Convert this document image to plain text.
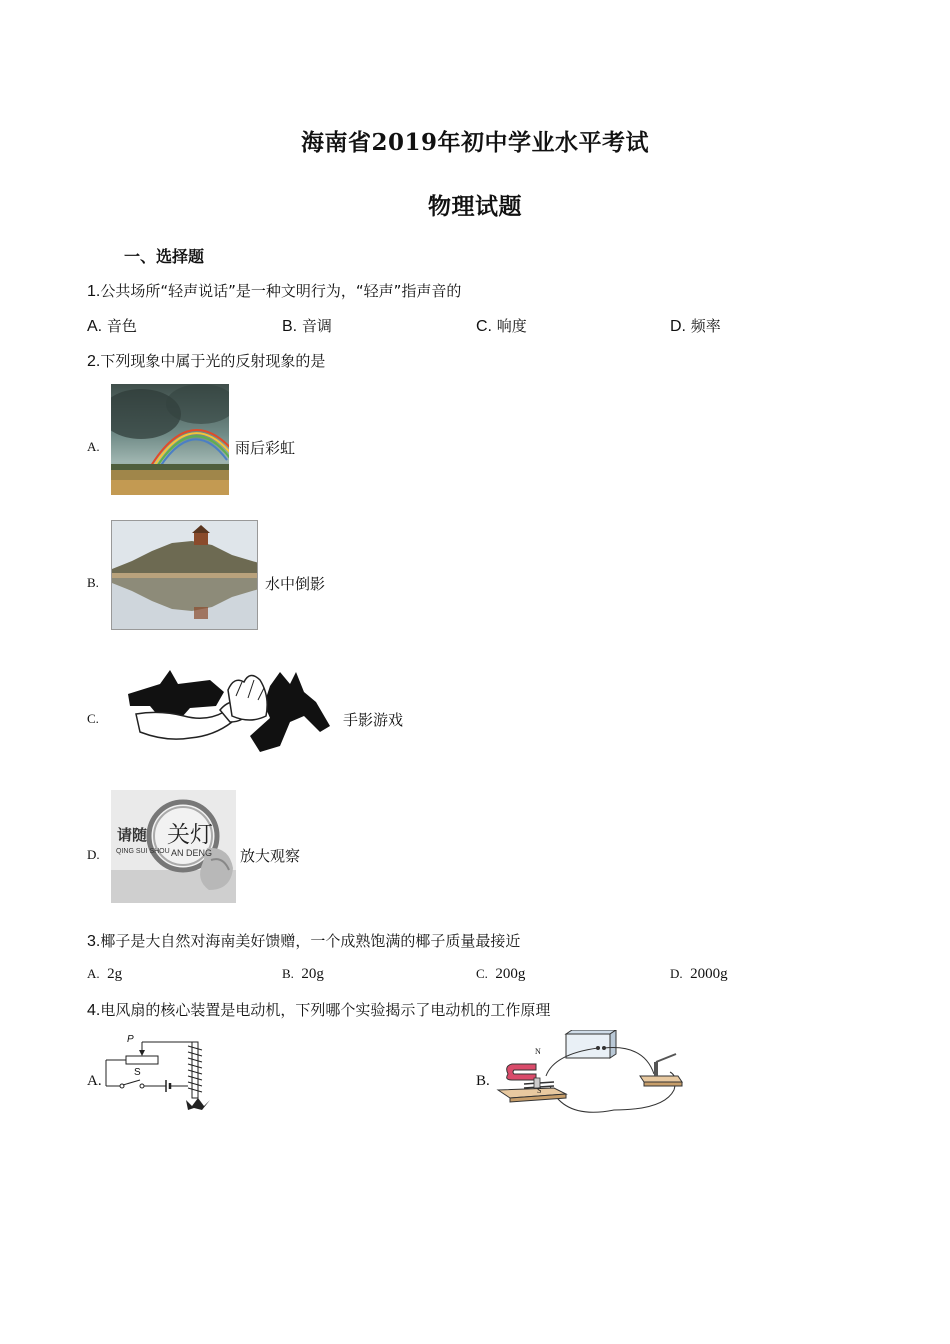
海南省2019年初中学业水平考试
物理试题
一、选择题
1.公共场所“轻声说话”是一种文明行为，“轻声”指声音的
A. 音色	B. 音调	C. 响度	D. 频率
2.下列现象中属于光的反射现象的是
A.	雨后彩虹
B.	水中倒影
C.	手影游戏
D.
请随 关灯
QING SUI SHOU AN DENG 放大观察
3.椰子是大自然对海南美好馈赠，一个成熟饱满的椰子质量最接近
A. 2g	B. 20g	C. 200g	D. 2000g
4.电风扇的核心装置是电动机，下列哪个实验揭示了电动机的工作原理
A.
P
S
B.
N
S
